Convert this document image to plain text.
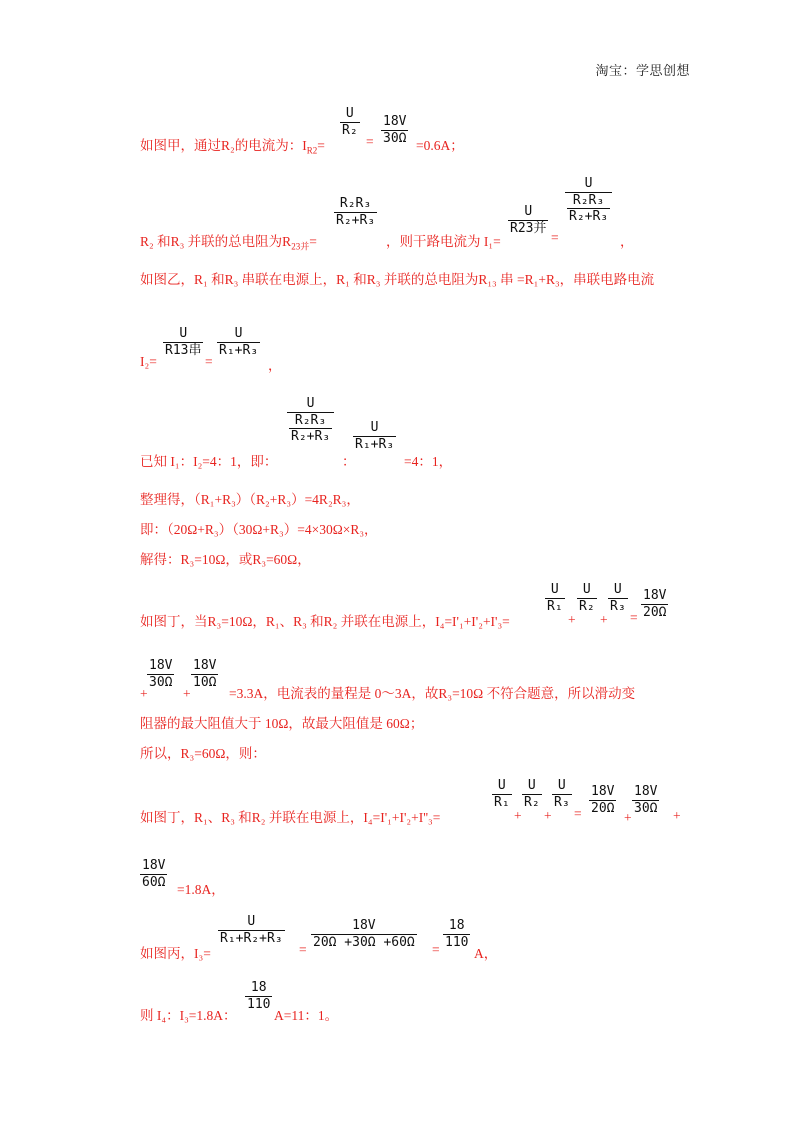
淘宝：学思创想
如图甲，通过R₂的电流为：$I_{R2}=$
$\frac{U}{\text{R₂}}$
= $\frac{18V}{30\Omega} =0.6A$；
R₂ 和R₃ 并联的总电阻为$R_{23并}=$
$\frac{\text{R₂R₃}}{\text{R₂+R₃}}$
，则干路电流为 I₁=
U
R23并
=
$\frac{U}{\frac{\text{R₂R₃}}{\text{R₂+R₃}}}$
，
如图乙，R₁ 和R₃ 串联在电源上，R₁ 和R₃ 并联的总电阻为R₁₃ 串 =R₁+R₃，串联电路电流
I₂=
U
R13串
=
$\frac{U}{\text{R₁+R₃}}$
，
已知 I₁：I₂=4：1，即：
$\frac{U}{\frac{\text{R₂R₃}}{\text{R₂+R₃}}}$
：
$\frac{U}{\text{R₁+R₃}}$
=4：1，
整理得，（R₁+R₃）（R₂+R₃）=4R₂R₃，
即：（20Ω+R₃）（30Ω+R₃）=4×30Ω×R₃，
解得：R₃=10Ω，或R₃=60Ω，
如图丁，当R₃=10Ω，R₁、R₃ 和R₂ 并联在电源上，I₄=I'₁+I'₂+I'₃=
$\frac{U}{\text{R₁}}$
+
$\frac{U}{\text{R₂}}$
+
$\frac{U}{\text{R₃}}$
= $\frac{18V}{20\Omega}$
+
$\frac{18V}{30\Omega}$
+
$\frac{18V}{10\Omega}$
=3.3A，电流表的量程是 0～3A，故R₃=10Ω 不符合题意，所以滑动变
阻器的最大阻值大于 10Ω，故最大阻值是 60Ω；
所以，R₃=60Ω，则：
如图丁，R₁、R₃ 和R₂ 并联在电源上，I₄=I'₁+I'₂+I''₃=
$\frac{U}{\text{R₁}}$
+
$\frac{U}{\text{R₂}}$
+
$\frac{U}{\text{R₃}}$
= $\frac{18V}{20\Omega}$
+
$\frac{18V}{30\Omega}$ +
$\frac{18V}{60\Omega} =1.8A$，
如图丙，I₃=
$\frac{U}{\text{R₁+R₂+R₃}}$
= $\frac{18V}{20\Omega +30\Omega +60\Omega} = \frac{18}{110}$
A，
则 I₄：I₃=1.8A：
$\frac{18}{110}$
A=11：1。
